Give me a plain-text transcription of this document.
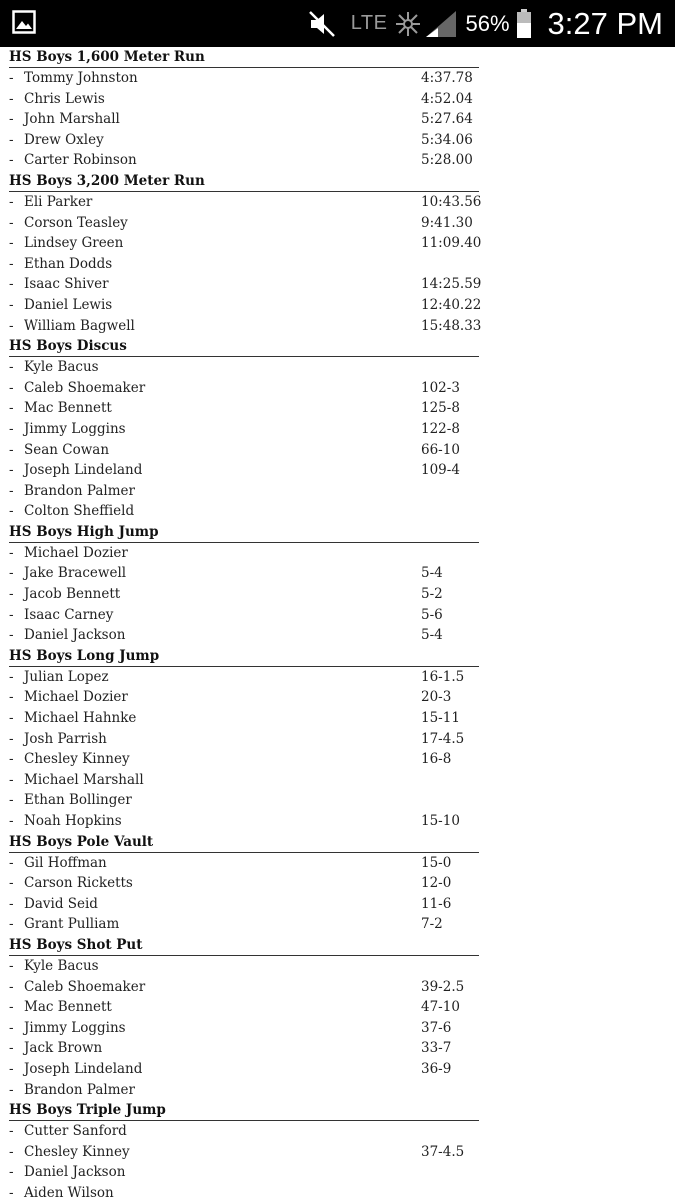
LTE	56% 3:27 PM
HS Boys 1,600 Meter Run
- Tommy Johnston	4:37.78
- Chris Lewis	4:52.04
- John Marshall	5:27.64
- Drew Oxley	5:34.06
- Carter Robinson	5:28.00
HS Boys 3,200 Meter Run
- Eli Parker	10:43.56
- Corson Teasley	9:41.30
- Lindsey Green	11:09.40
- Ethan Dodds
- Isaac Shiver	14:25.59
- Daniel Lewis	12:40.22
- William Bagwell	15:48.33
HS Boys Discus
- Kyle Bacus
- Caleb Shoemaker	102-3
- Mac Bennett	125-8
- Jimmy Loggins	122-8
- Sean Cowan	66-10
- Joseph Lindeland	109-4
- Brandon Palmer
- Colton Sheffield
HS Boys High Jump
- Michael Dozier
- Jake Bracewell	5-4
- Jacob Bennett	5-2
- Isaac Carney	5-6
- Daniel Jackson	5-4
HS Boys Long Jump
- Julian Lopez	16-1.5
- Michael Dozier	20-3
- Michael Hahnke	15-11
- Josh Parrish	17-4.5
- Chesley Kinney	16-8
- Michael Marshall
- Ethan Bollinger
- Noah Hopkins	15-10
HS Boys Pole Vault
- Gil Hoffman	15-0
- Carson Ricketts	12-0
- David Seid	11-6
- Grant Pulliam	7-2
HS Boys Shot Put
- Kyle Bacus
- Caleb Shoemaker	39-2.5
- Mac Bennett	47-10
- Jimmy Loggins	37-6
- Jack Brown	33-7
- Joseph Lindeland	36-9
- Brandon Palmer
HS Boys Triple Jump
- Cutter Sanford
- Chesley Kinney	37-4.5
- Daniel Jackson
- Aiden Wilson
